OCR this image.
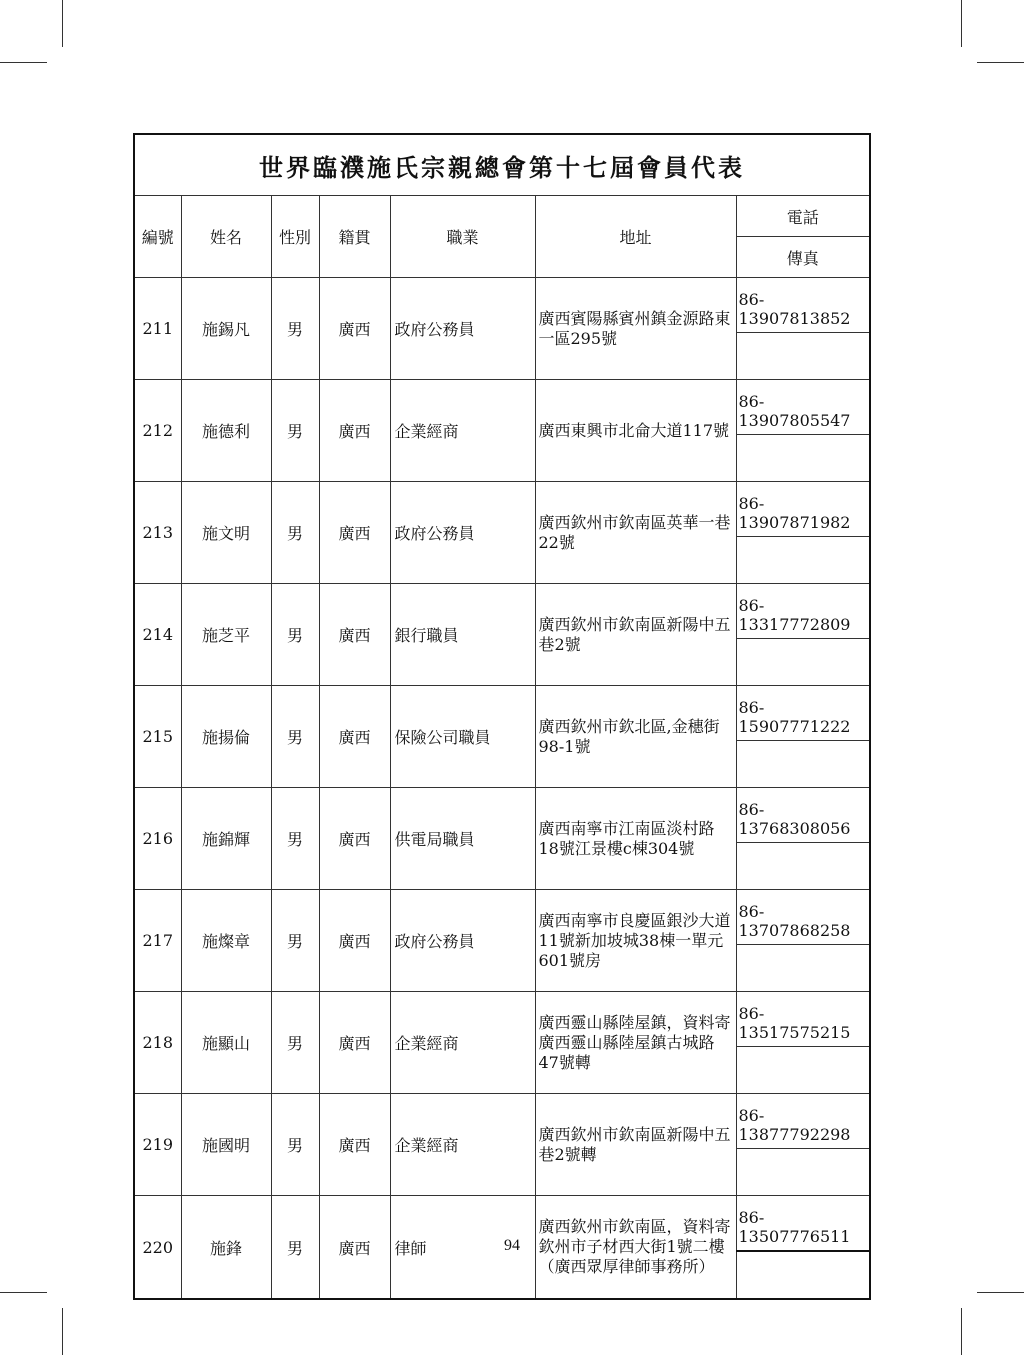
世界臨濮施氏宗親總會第十七屆會員代表						
編號	姓名	性別	籍貫	職業	地址	電話
						傳真
211	施錫凡	男	廣西	政府公務員	廣西賓陽縣賓州鎮金源路東一區295號	86-13907813852

212	施德利	男	廣西	企業經商	廣西東興市北侖大道117號	86-13907805547

213	施文明	男	廣西	政府公務員	廣西欽州市欽南區英華一巷22號	86-13907871982

214	施芝平	男	廣西	銀行職員	廣西欽州市欽南區新陽中五巷2號	86-13317772809

215	施揚倫	男	廣西	保險公司職員	廣西欽州市欽北區,金穗街98-1號	86-15907771222

216	施錦輝	男	廣西	供電局職員	廣西南寧市江南區淡村路18號江景樓c棟304號	86-13768308056

217	施燦章	男	廣西	政府公務員	廣西南寧市良慶區銀沙大道11號新加坡城38棟一單元601號房	86-13707868258

218	施顯山	男	廣西	企業經商	廣西靈山縣陸屋鎮，資料寄廣西靈山縣陸屋鎮古城路47號轉	86-13517575215

219	施國明	男	廣西	企業經商	廣西欽州市欽南區新陽中五巷2號轉	86-13877792298

220	施鋒	男	廣西	律師	廣西欽州市欽南區，資料寄欽州市子材西大街1號二樓（廣西眾厚律師事務所）	86-13507776511

94
